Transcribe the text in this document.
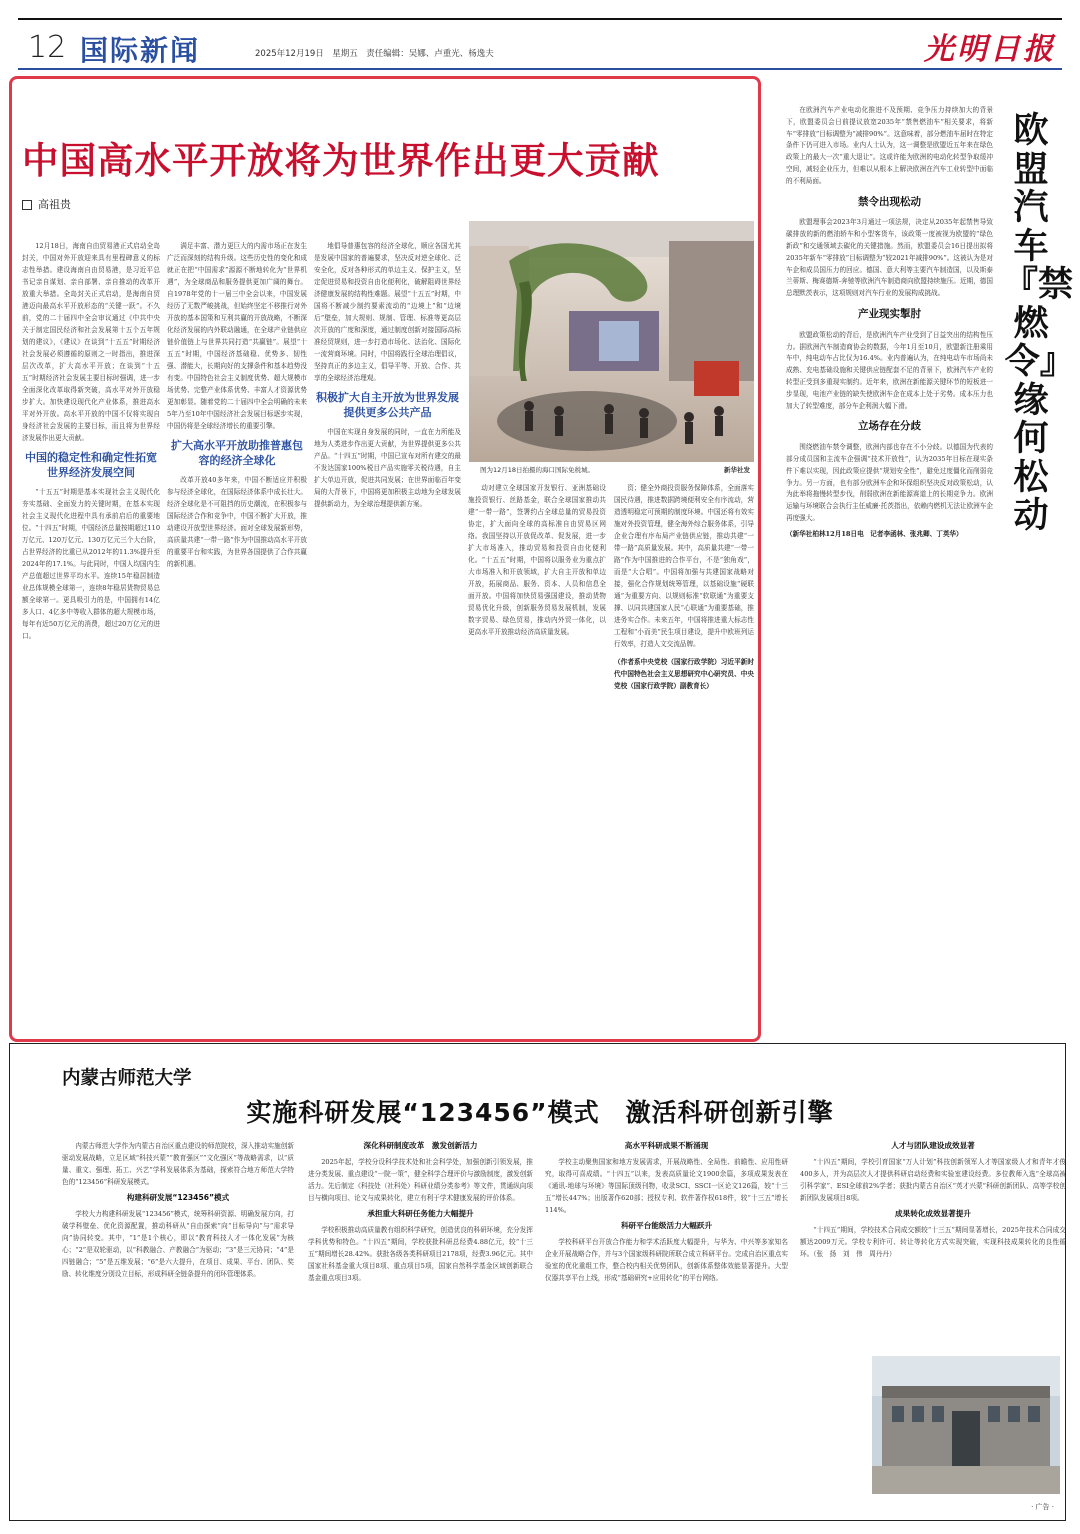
12 国际新闻	2025年12月19日　星期五　责任编辑：吴娜、卢重光、杨逸夫	光明日报
中国高水平开放将为世界作出更大贡献
高祖贵

12月18日，海南自由贸易港正式启动全岛封关，中国对外开放迎来具有里程碑意义的标志性举措。建设海南自由贸易港，是习近平总书记亲自谋划、亲自部署、亲自推动的改革开放重大举措。全岛封关正式启动，是海南自贸港迈向最高水平开放形态的“关键一跃”。不久前，党的二十届四中全会审议通过《中共中央关于制定国民经济和社会发展第十五个五年规划的建议》，《建议》在谈到“十五五”时期经济社会发展必须遵循的原则之一时指出，推进深层次改革，扩大高水平开放；在谈到“十五五”时期经济社会发展主要目标时强调，进一步全面深化改革取得新突破，高水平对外开放稳步扩大。加快建设现代化产业体系，推进高水平对外开放。高水平开放的中国不仅将实现自身经济社会发展的主要目标，而且将为世界经济发展作出更大贡献。

中国的稳定性和确定性拓宽世界经济发展空间

“十五五”时期是基本实现社会主义现代化夯实基础、全面发力的关键时期，在基本实现社会主义现代化进程中具有承前启后的重要地位。“十四五”时期，中国经济总量按期超过110万亿元、120万亿元、130万亿元三个大台阶，占世界经济的比重已从2012年的11.3%提升至2024年的17.1%。与此同时，中国人均国内生产总值超过世界平均水平。连续15年稳居制造业总体规模全球第一，连续8年稳居货物贸易总额全球第一。更具吸引力的是，中国拥有14亿多人口、4亿多中等收入群体的超大规模市场，每年有近50万亿元的消费，超过20万亿元的进口。

满足丰富、潜力更巨大的内需市场正在发生广泛而深刻的结构升级。这些历史性的变化和成就正在把“中国需求”源源不断地转化为“世界机遇”，为全球商品和服务提供更加广阔的舞台。自1978年党的十一届三中全会以来，中国发展经历了无数严峻挑战，但始终坚定不移推行对外开放的基本国策和互利共赢的开放战略，不断深化经济发展的内外联动融通，在全球产业链供应链价值链上与世界共同打造“共赢链”。展望“十五五”时期，中国经济基础稳、优势多、韧性强、潜能大，长期向好的支撑条件和基本趋势没有变。中国特色社会主义制度优势、超大规模市场优势、完整产业体系优势、丰富人才资源优势更加彰显。随着党的二十届四中全会明确的未来5年乃至10年中国经济社会发展目标逐步实现，中国仍将是全球经济增长的重要引擎。

扩大高水平开放助推普惠包容的经济全球化

改革开放40多年来，中国不断适应并积极参与经济全球化，在国际经济体系中成长壮大。经济全球化是不可阻挡的历史潮流，在积极参与国际经济合作和竞争中，中国不断扩大开放，推动建设开放型世界经济。面对全球发展新形势，高质量共建“一带一路”作为中国推动高水平开放的重要平台和实践，为世界各国提供了合作共赢的新机遇。

地倡导普惠包容的经济全球化，顺应各国尤其是发展中国家的普遍要求，坚决反对逆全球化、泛安全化，反对各种形式的单边主义、保护主义，坚定促进贸易和投资自由化便利化，破解阻碍世界经济健康发展的结构性难题。展望“十五五”时期，中国将不断减少制约要素流动的“边境上”和“边境后”壁垒，加大规则、规制、管理、标准等更高层次开放的广度和深度，通过制度创新对接国际高标准经贸规则，进一步打造市场化、法治化、国际化一流营商环境。同时，中国将践行全球治理倡议，坚持真正的多边主义，倡导平等、开放、合作、共享的全球经济治理观。

积极扩大自主开放为世界发展提供更多公共产品

中国在实现自身发展的同时，一直在力所能及地为人类进步作出更大贡献，为世界提供更多公共产品。“十四五”时期，中国已宣布对所有建交的最不发达国家100%税目产品实施零关税待遇，自主扩大单边开放，促进共同发展；在世界面临百年变局的大背景下，中国将更加积极主动地为全球发展提供新动力，为全球治理提供新方案。

图为12月18日拍摄的海口国际免税城。	新华社发

动对建立全球国家开发银行、亚洲基础设施投资银行、丝路基金，联合全球国家推动共建“一带一路”，签署约占全球总量的贸易投资协定，扩大面向全球的高标准自由贸易区网络。我国坚持以开放促改革、促发展，进一步扩大市场准入，推动贸易和投资自由化便利化。“十五五”时期，中国将以服务业为重点扩大市场准入和开放领域，扩大自主开放和单边开放，拓展商品、服务、资本、人员和信息全面开放。中国将加快贸易强国建设，推动货物贸易优化升级，创新服务贸易发展机制，发展数字贸易、绿色贸易，推动内外贸一体化，以更高水平开放推动经济高质量发展。

资；健全外商投资服务保障体系，全面落实国民待遇，推进数据跨境便利安全有序流动，营造透明稳定可预期的制度环境。中国还将有效实施对外投资管理，健全海外综合服务体系，引导企业合理有序布局产业链供应链，推动共建“一带一路”高质量发展。其中，高质量共建“一带一路”作为中国推进的合作平台，不是“独角戏”，而是“大合唱”。中国将加强与共建国家战略对接，强化合作规划统筹管理，以基础设施“硬联通”为重要方向、以规则标准“软联通”为重要支撑、以同共建国家人民“心联通”为重要基础，推进务实合作。未来五年，中国将推进重大标志性工程和“小而美”民生项目建设，提升中欧班列运行效率，打造人文交流品牌。

（作者系中央党校（国家行政学院）习近平新时代中国特色社会主义思想研究中心研究员、中央党校（国家行政学院）副教育长）

欧盟汽车『禁燃令』缘何松动

在欧洲汽车产业电动化推进不及预期、竞争压力持续加大的背景下，欧盟委员会日前提议放宽2035年“禁售燃油车”相关要求，将新车“零排放”目标调整为“减排90%”。这意味着，部分燃油车届时在特定条件下仍可进入市场。业内人士认为，这一调整是欧盟近五年来在绿色政策上的最大一次“重大退让”。这或许能为欧洲的电动化转型争取缓冲空间，减轻企业压力，但难以从根本上解决欧洲在汽车工业转型中面临的不利局面。

禁令出现松动

欧盟理事会2023年3月通过一项法规，决定从2035年起禁售导致碳排放的新的燃油轿车和小型客货车，该政策一度被视为欧盟的“绿色新政”和交通领域去碳化的关键措施。然而，欧盟委员会16日提出拟将2035年新车“零排放”目标调整为“较2021年减排90%”。这被认为是对车企和成员国压力的回应。德国、意大利等主要汽车制造国，以及斯泰兰蒂斯、梅赛德斯-奔驰等欧洲汽车制造商向欧盟持续施压。近期，德国总理默茨表示，这项规则对汽车行业的发展构成挑战。

产业现实掣肘

欧盟政策松动的背后，是欧洲汽车产业受到了日益突出的结构性压力。据欧洲汽车制造商协会的数据，今年1月至10月，欧盟新注册乘用车中，纯电动车占比仅为16.4%。业内普遍认为，在纯电动车市场尚未成熟、充电基础设施和关键供应链配套不足的背景下，欧洲汽车产业的转型正受到多重现实制约。近年来，欧洲在新能源关键环节的短板进一步显现，电池产业链的缺失使欧洲车企在成本上处于劣势。成本压力也加大了转型难度，部分车企利润大幅下滑。

立场存在分歧

围绕燃油车禁令调整，欧洲内部也存在不小分歧。以德国为代表的部分成员国和主流车企强调“技术开放性”，认为2035年目标在现实条件下难以实现，因此政策应提供“规划安全性”，避免过度僵化而削弱竞争力。另一方面，也有部分欧洲车企和环保组织坚决反对政策松动，认为此举将拖慢转型步伐，削弱欧洲在新能源赛道上的长期竞争力。欧洲运输与环境联合会执行主任威廉·托茨指出，依赖内燃机无法让欧洲车企再度强大。

（新华社柏林12月18日电　记者李函林、张兆卿、丁英华）

内蒙古师范大学
实施科研发展“123456”模式　激活科研创新引擎

内蒙古师范大学作为内蒙古自治区重点建设的师范院校，深入推动实施创新驱动发展战略，立足区域“科技兴蒙”“教育强区”“文化强区”等战略需求，以“质量、重文、强理、拓工、兴艺”学科发展体系为基础，探索符合地方师范大学特色的“123456”科研发展模式。

构建科研发展“123456”模式

学校大力构建科研发展“123456”模式，统筹科研资源、明确发展方向，打破学科壁垒、优化资源配置，推动科研从“自由探索”向“目标导向”与“需求导向”协同转变。其中，“1”是1个核心，即以“教育科技人才一体化发展”为核心；“2”是双轮驱动，以“科教融合、产教融合”为驱动；“3”是三元协同；“4”是四链融合；“5”是五维发展；“6”是六大提升，在项目、成果、平台、团队、奖励、转化维度分别设立目标，形成科研全链条提升的闭环管理体系。

深化科研制度改革　激发创新活力

2025年起，学校分设科学技术处和社会科学处，加强创新引领发展，推进分类发展、重点建设“一院一策”，健全科学合理评价与激励制度，激发创新活力。先后制定《科技处（社科处）科研业绩分类参考》等文件，贯通纵向项目与横向项目、论文与成果转化，建立有利于学术健康发展的评价体系。

承担重大科研任务能力大幅提升

学校积极推动高质量教有组织科学研究，创造优良的科研环境，充分发挥学科优势和特色。“十四五”期间，学校获批科研总经费4.88亿元，较“十三五”期间增长28.42%。获批各级各类科研项目2178项，经费3.96亿元。其中国家社科基金重大项目8项、重点项目5项，国家自然科学基金区域创新联合基金重点项目3项。

高水平科研成果不断涌现

学校主动聚焦国家和地方发展需求，开展战略性、全局性、前瞻性、应用性研究，取得可喜成绩。“十四五”以来，发表高质量论文1900余篇，多项成果发表在《通讯-地球与环境》等国际顶级刊物，收录SCI、SSCI一区论文126篇，较“十三五”增长447%；出版著作620部；授权专利、软件著作权618件，较“十三五”增长114%。

科研平台能级活力大幅跃升

学校科研平台开放合作能力和学术活跃度大幅提升，与华为、中兴等多家知名企业开展战略合作，并与3个国家级科研院所联合成立科研平台。完成自治区重点实验室的优化重组工作，整合校内相关优势团队，创新体系整体效能显著提升。大型仪器共享平台上线，形成“基础研究+应用转化”的平台网络。

人才与团队建设成效显著

“十四五”期间，学校引育国家“万人计划”科技创新领军人才等国家级人才和青年才俊400多人，并为高层次人才提供科研启动经费和实验室建设经费。多位教师入选“全球高被引科学家”、ESI全球前2%学者；获批内蒙古自治区“英才兴蒙”科研创新团队、高等学校创新团队发展项目8项。

成果转化成效显著提升

“十四五”期间，学校技术合同成交额较“十三五”期间显著增长，2025年技术合同成交额达2009万元。学校专利许可、转让等转化方式实现突破，实现科技成果转化的良性循环。（张　扬　刘　伟　周丹丹）

· 广告 ·
